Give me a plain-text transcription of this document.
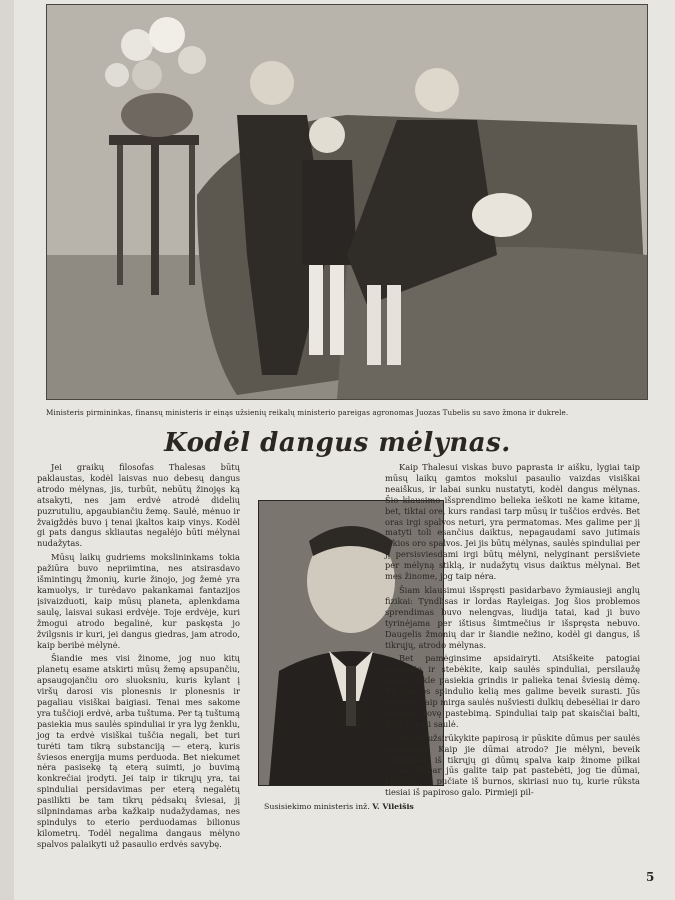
Ministeris pirmininkas, finansų ministeris ir einąs užsienių reikalų ministerio pareigas agronomas Juozas Tubelis su savo žmona ir dukrele.
Kodėl dangus mėlynas.

Jei graikų filosofas Thalesas būtų paklaustas, kodėl laisvas nuo debesų dangus atrodo mėlynas, jis, turbūt, nebūtų žinojęs ką atsakyti, nes jam erdvė atrodė didelių puzrutuliu, apgaubiančiu žemę. Saulė, mėnuo ir žvaigždės buvo į tenai įkaltos kaip vinys. Kodėl gi pats dangus skliautas negalėjo būti mėlynai nudažytas.

Mūsų laikų gudriems mokslininkams tokia pažiūra buvo nepriimtina, nes atsirasdavo išmintingų žmonių, kurie žinojo, jog žemė yra kamuolys, ir turėdavo pakankamai fantazijos įsivaizduoti, kaip mūsų planeta, aplenkdama saulę, laisvai sukasi erdvėje. Toje erdvėje, kuri žmogui atrodo begalinė, kur paskęsta jo žvilgsnis ir kuri, jei dangus giedras, jam atrodo, kaip beribė mėlynė.

Šiandie mes visi žinome, jog nuo kitų planetų esame atskirti mūsų žemę apsupančiu, apsaugojančiu oro sluoksniu, kuris kylant į viršų darosi vis plonesnis ir plonesnis ir pagaliau visiškai baigiasi. Tenai mes sakome yra tuščioji erdvė, arba tuštuma. Per tą tuštumą pasiekia mus saulės spinduliai ir yra lyg ženklu, jog ta erdvė visiškai tuščia negali, bet turi turėti tam tikrą substanciją — eterą, kuris šviesos energija mums perduoda. Bet niekumet nėra pasisekę tą eterą suimti, jo buvimą konkrečiai įrodyti. Jei taip ir tikrųjų yra, tai spinduliai persidavimas per eterą negalėtų pasilikti be tam tikrų pėdsakų šviesai, jį silpnindamas arba kažkaip nudažydamas, nes spindulys to eterio perduodamas bilionus kilometrų. Todėl negalima dangaus mėlyno spalvos palaikyti už pasaulio erdvės savybę.

Susisiekimo ministeris inž. V. Vileišis

Kaip Thalesui viskas buvo paprasta ir aišku, lygiai taip mūsų laikų gamtos mokslui pasaulio vaizdas visiškai neaiškus, ir labai sunku nustatyti, kodėl dangus mėlynas. Šio klausimo išsprendimo beliekа ieškoti ne kame kitame, bet, tiktai ore, kurs randasi tarp mūsų ir tuščios erdvės. Bet oras irgi spalvos neturi, yra permatomas. Mes galime per jį matyti toli esančius daiktus, nepagaudami savo jutimais jokios oro spalvos. Jei jis būtų mėlynas, saulės spinduliai per jį persisviesdami irgi būtų mėlyni, nelyginant persišviete per mėlyną stiklą, ir nudažytų visus daiktus mėlynai. Bet mes žinome, jog taip nėra.

Šiam klausimui išspręsti pasidarbavo žymiausieji anglų fizikai: Tyndlisas ir lordas Rayleigas. Jog šios problemos sprendimas buvo nelengvas, liudija tatai, kad ji buvo tyrinėjama per ištisus šimtmečius ir išspręsta nebuvo. Daugelis žmonių dar ir šiandie nežino, kodėl gi dangus, iš tikrųjų, atrodo mėlynas.

Bet pamėginsime apsidairyti. Atsiškeite patogiai sėdynėje ir stebėkite, kaip saulės spinduliai, persilaužę lango stikle pasiekia grindis ir palieka tenai šviesią dėmę. Tą šviesos spindulio kelią mes galime beveik surasti. Jūs matote, kaip mirga saulės nušviesti dulkių debesėliai ir daro šviesos srovę pastebimą. Spinduliai taip pat skaisčiai balti, kaip ir pati saulė.

Dabar užsirūkykite papirosą ir pūskite dūmus per saulės spindulius. Kaip jie dūmai atrodo? Jie mėlyni, beveik violetiniai, iš tikrųjų gi dūmų spalva kaip žinome pilkai juoda. Dabar jūs galite taip pat pastebėti, jog tie dūmai, kuriuos jūs pučiate iš burnos, skiriasi nuo tų, kurie rūksta tiesiai iš papiroso galo. Pirmieji pil-

5
